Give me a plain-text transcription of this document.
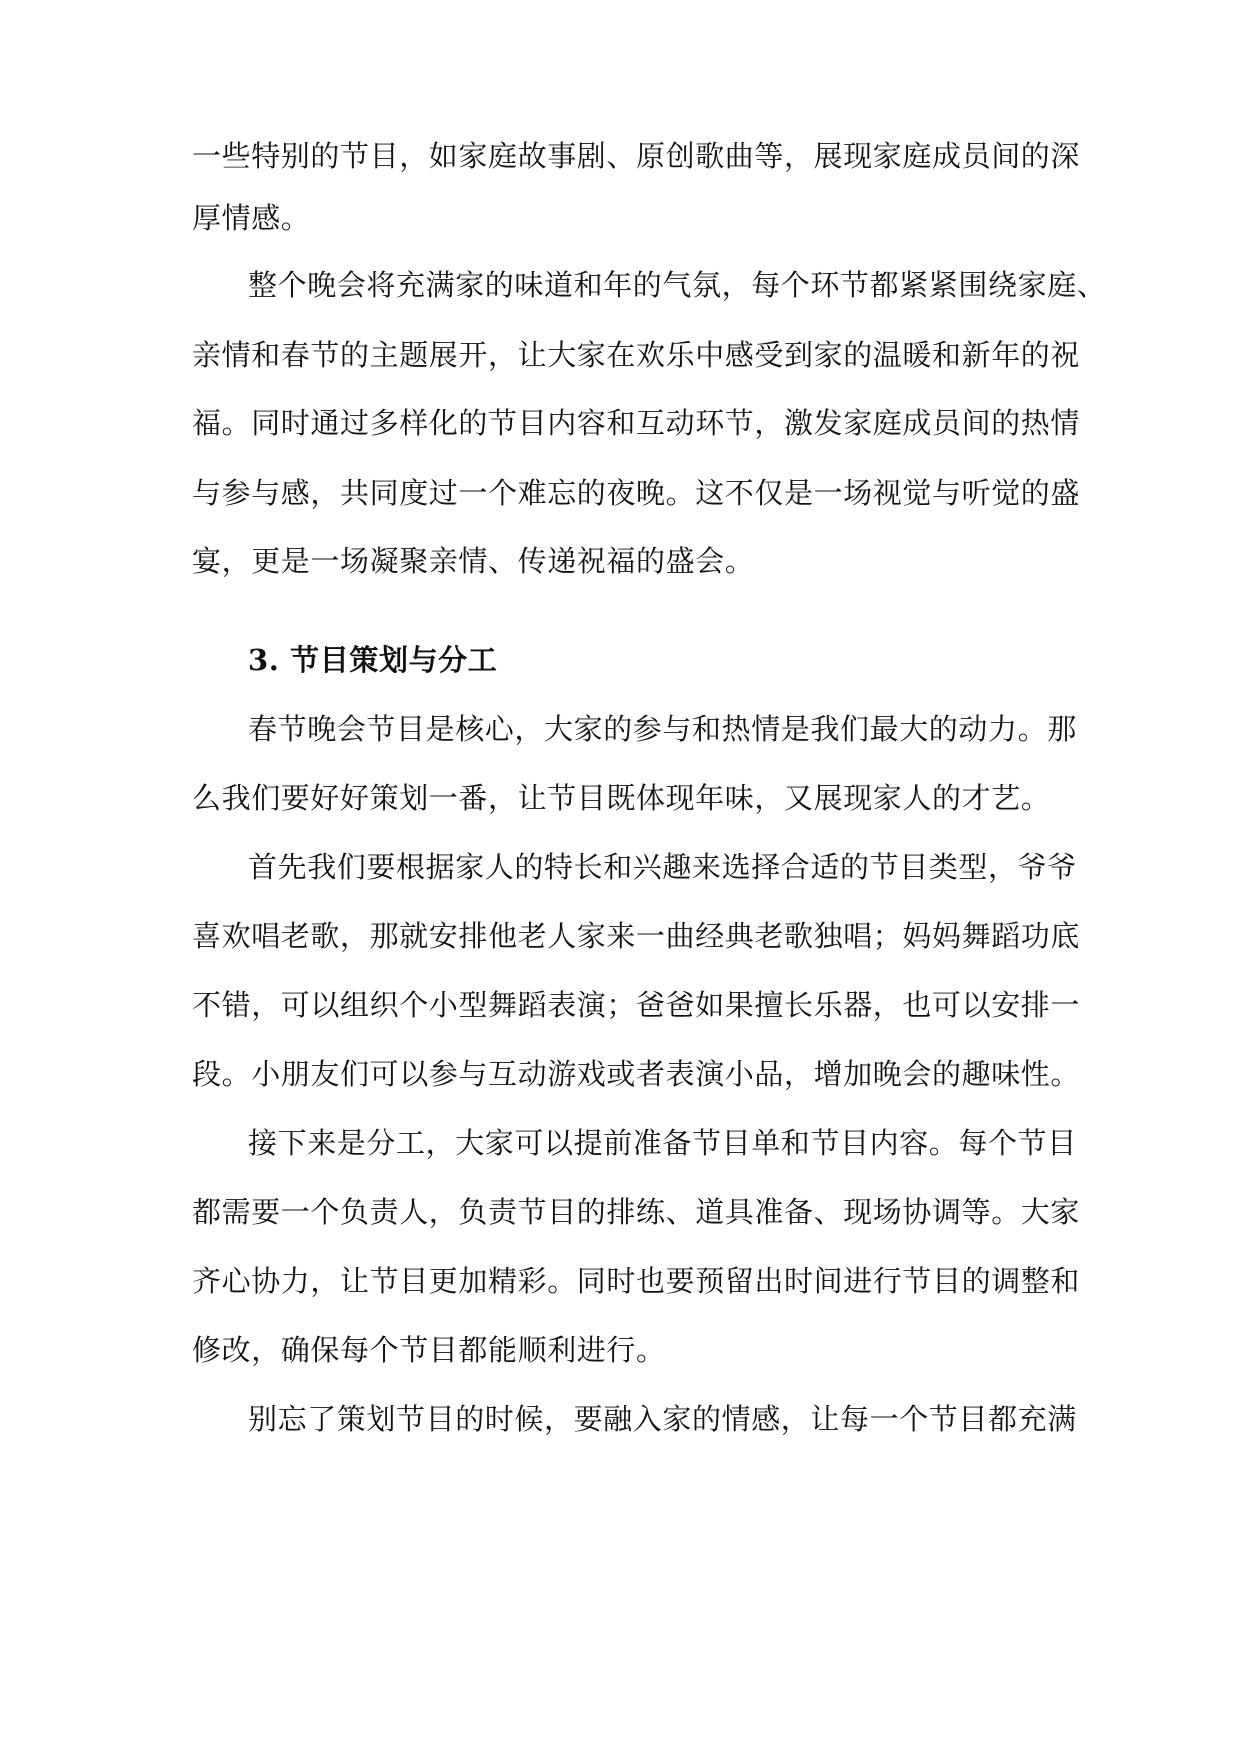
一些特别的节目，如家庭故事剧、原创歌曲等，展现家庭成员间的深
厚情感。
整个晚会将充满家的味道和年的气氛，每个环节都紧紧围绕家庭、
亲情和春节的主题展开，让大家在欢乐中感受到家的温暖和新年的祝
福。同时通过多样化的节目内容和互动环节，激发家庭成员间的热情
与参与感，共同度过一个难忘的夜晚。这不仅是一场视觉与听觉的盛
宴，更是一场凝聚亲情、传递祝福的盛会。
3. 节目策划与分工
春节晚会节目是核心，大家的参与和热情是我们最大的动力。那
么我们要好好策划一番，让节目既体现年味，又展现家人的才艺。
首先我们要根据家人的特长和兴趣来选择合适的节目类型，爷爷
喜欢唱老歌，那就安排他老人家来一曲经典老歌独唱；妈妈舞蹈功底
不错，可以组织个小型舞蹈表演；爸爸如果擅长乐器，也可以安排一
段。小朋友们可以参与互动游戏或者表演小品，增加晚会的趣味性。
接下来是分工，大家可以提前准备节目单和节目内容。每个节目
都需要一个负责人，负责节目的排练、道具准备、现场协调等。大家
齐心协力，让节目更加精彩。同时也要预留出时间进行节目的调整和
修改，确保每个节目都能顺利进行。
别忘了策划节目的时候，要融入家的情感，让每一个节目都充满
